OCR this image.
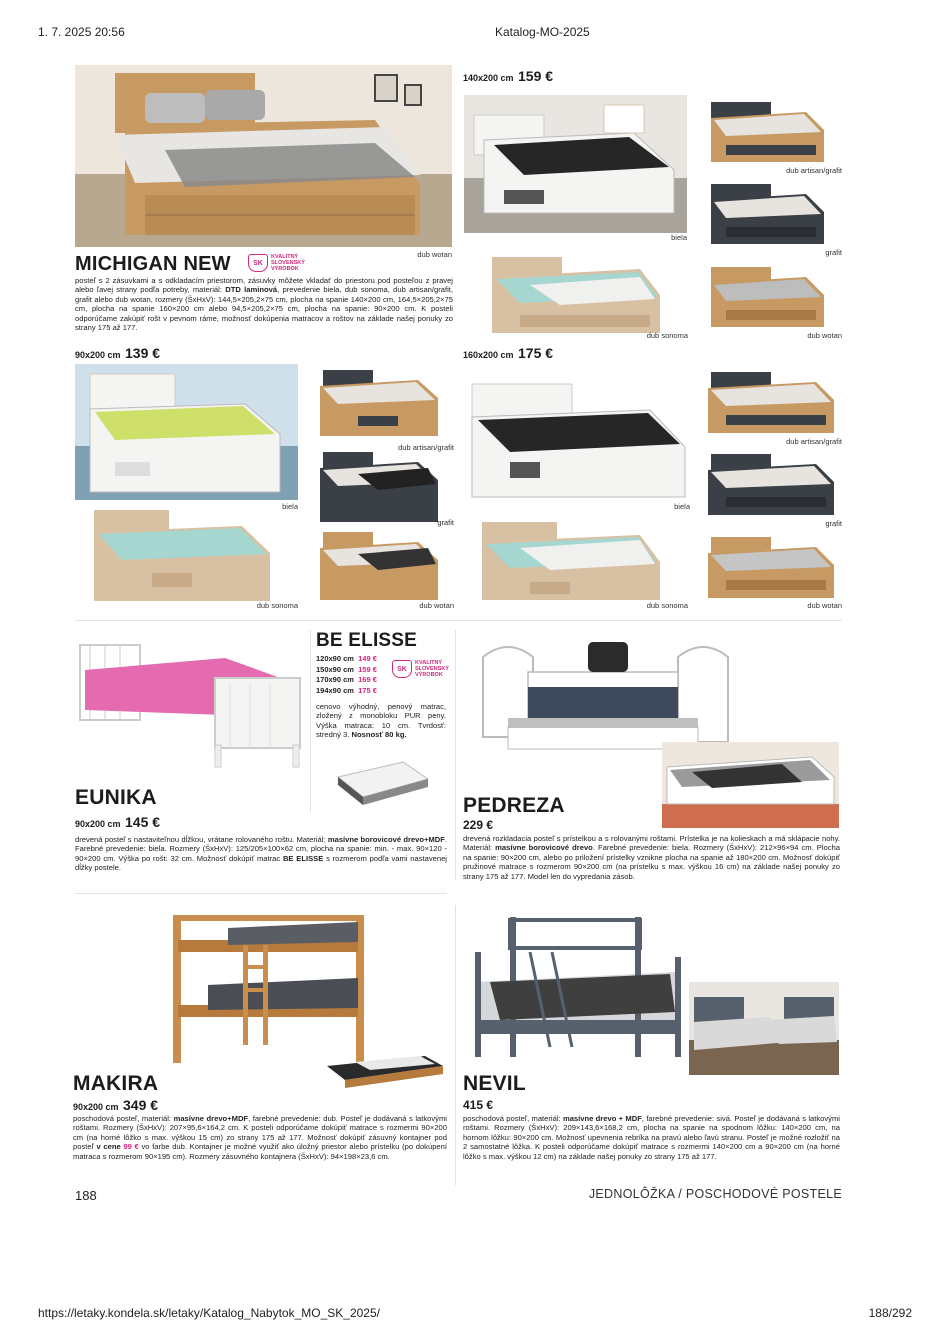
1. 7. 2025 20:56	Katalog-MO-2025
dub wotan
MICHIGAN NEW	SK
KVALITNÝ
SLOVENSKÝ
VÝROBOK
posteľ s 2 zásuvkami a s odkladacím priestorom, zásuvky môžete vkladať do priestoru pod posteľou z pravej alebo ľavej strany podľa potreby, materiál: DTD laminová, prevedenie biela, dub sonoma, dub artisan/grafit, grafit alebo dub wotan, rozmery (ŠxHxV): 144,5×205,2×75 cm, plocha na spanie 140×200 cm, 164,5×205,2×75 cm, plocha na spanie 160×200 cm alebo 94,5×205,2×75 cm, plocha na spanie: 90×200 cm. K posteli odporúčame zakúpiť rošt v pevnom ráme, možnosť dokúpenia matracov a roštov na základe našej ponuky zo strany 175 až 177.
140x200 cm 159 €
biela
dub artisan/grafit
grafit
dub sonoma	dub wotan
90x200 cm 139 €
biela
dub artisan/grafit
grafit
dub sonoma	dub wotan
160x200 cm 175 €
biela
dub artisan/grafit
grafit
dub sonoma	dub wotan
EUNIKA
90x200 cm 145 €
drevená posteľ s nastaviteľnou dĺžkou, vrátane rolovaného roštu. Materiál: masívne borovicové drevo+MDF. Farebné prevedenie: biela. Rozmery (ŠxHxV): 125/205×100×62 cm, plocha na spanie: min. - max. 90×120 - 90×200 cm. Výška po rošt: 32 cm. Možnosť dokúpiť matrac BE ELISSE s rozmerom podľa vami nastavenej dĺžky postele.
BE ELISSE
120x90 cm 149 €
150x90 cm 159 €
170x90 cm 169 €
194x90 cm 175 €
SK
KVALITNÝ
SLOVENSKÝ
VÝROBOK
cenovo výhodný, penový matrac, zložený z monobloku PUR peny. Výška matraca: 10 cm. Tvrdosť: stredný 3. Nosnosť 80 kg.
PEDREZA
229 €
drevená rozkladacia posteľ s prístelkou a s rolovanými roštami. Prístelka je na kolieskach a má sklápacie nohy. Materiál: masívne borovicové drevo. Farebné prevedenie: biela. Rozmery (ŠxHxV): 212×96×94 cm. Plocha na spanie: 90×200 cm, alebo po priložení prístelky vznikne plocha na spanie až 180×200 cm. Možnosť dokúpiť pružinové matrace s rozmerom 90×200 cm (na prístelku s max. výškou 16 cm) na základe našej ponuky zo strany 175 až 177. Model len do vypredania zásob.
MAKIRA
90x200 cm 349 €
poschodová posteľ, materiál: masívne drevo+MDF, farebné prevedenie: dub. Posteľ je dodávaná s latkovými roštami. Rozmery (ŠxHxV): 207×95,6×164,2 cm. K posteli odporúčame dokúpiť matrace s rozmermi 90×200 cm (na horné lôžko s max. výškou 15 cm) zo strany 175 až 177. Možnosť dokúpiť zásuvný kontajner pod posteľ v cene 99 € vo farbe dub. Kontajner je možné využiť ako úložný priestor alebo prístelku (po dokúpení matraca s rozmerom 90×195 cm). Rozmery zásuvného kontajnera (ŠxHxV): 94×198×23,6 cm.
NEVIL
415 €
poschodová posteľ, materiál: masívne drevo + MDF, farebné prevedenie: sivá. Posteľ je dodávaná s latkovými roštami. Rozmery (ŠxHxV): 209×143,6×168,2 cm, plocha na spanie na spodnom lôžku: 140×200 cm, na hornom lôžku: 90×200 cm. Možnosť upevnenia rebríka na pravú alebo ľavú stranu. Posteľ je možné rozložiť na 2 samostatné lôžka. K posteli odporúčame dokúpiť matrace s rozmermi 140×200 cm a 90×200 cm (na horné lôžko s max. výškou 12 cm) na základe našej ponuky zo strany 175 až 177.
188	JEDNOLÔŽKA / POSCHODOVÉ POSTELE
https://letaky.kondela.sk/letaky/Katalog_Nabytok_MO_SK_2025/	188/292
